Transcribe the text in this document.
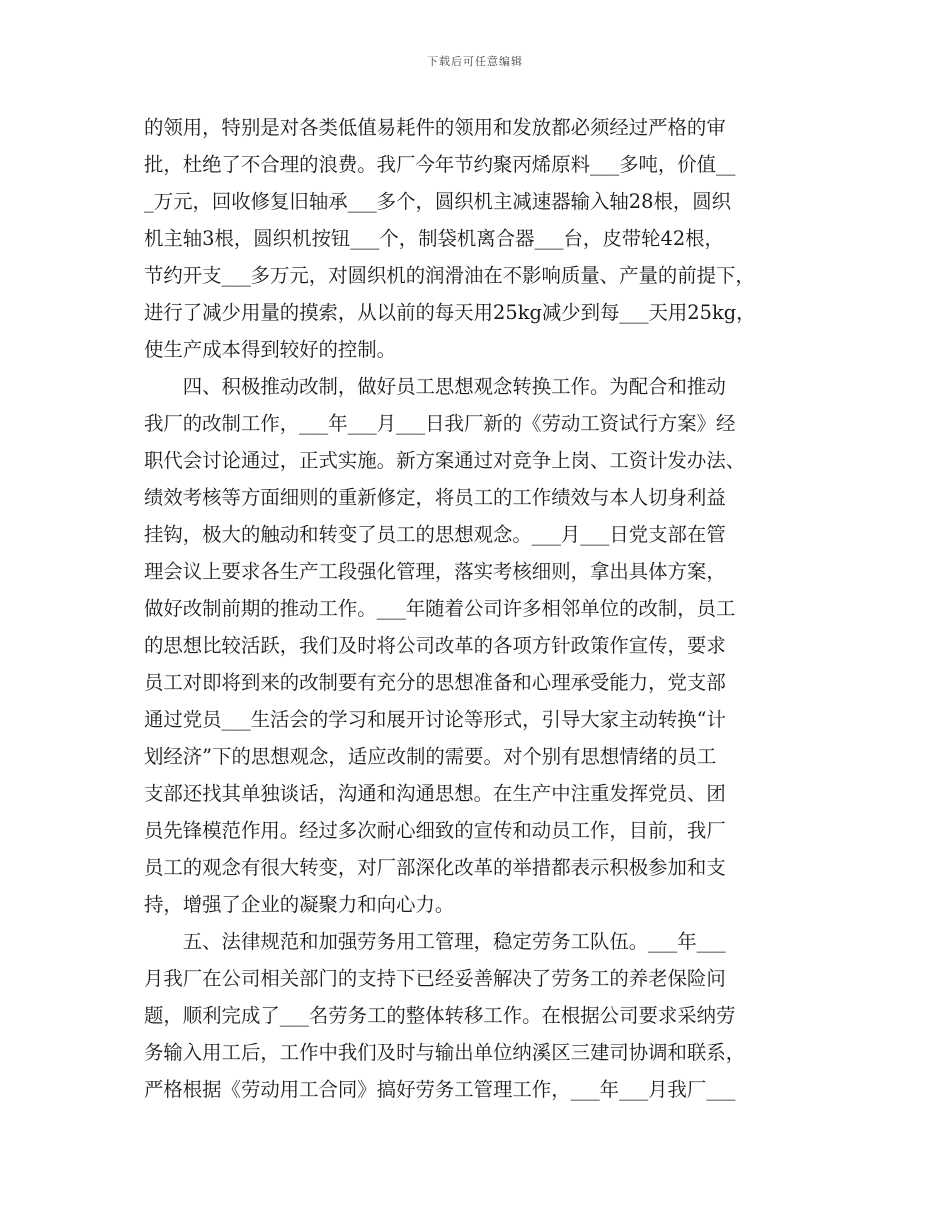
下载后可任意编辑
的领用，特别是对各类低值易耗件的领用和发放都必须经过严格的审
批，杜绝了不合理的浪费。我厂今年节约聚丙烯原料___多吨，价值__
_万元，回收修复旧轴承___多个，圆织机主减速器输入轴28根，圆织
机主轴3根，圆织机按钮___个，制袋机离合器___台，皮带轮42根，
节约开支___多万元，对圆织机的润滑油在不影响质量、产量的前提下，
进行了减少用量的摸索，从以前的每天用25kg减少到每___天用25kg，
使生产成本得到较好的控制。
　　四、积极推动改制，做好员工思想观念转换工作。为配合和推动
我厂的改制工作，___年___月___日我厂新的《劳动工资试行方案》经
职代会讨论通过，正式实施。新方案通过对竞争上岗、工资计发办法、
绩效考核等方面细则的重新修定，将员工的工作绩效与本人切身利益
挂钩，极大的触动和转变了员工的思想观念。___月___日党支部在管
理会议上要求各生产工段强化管理，落实考核细则，拿出具体方案，
做好改制前期的推动工作。___年随着公司许多相邻单位的改制，员工
的思想比较活跃，我们及时将公司改革的各项方针政策作宣传，要求
员工对即将到来的改制要有充分的思想准备和心理承受能力，党支部
通过党员___生活会的学习和展开讨论等形式，引导大家主动转换“计
划经济”下的思想观念，适应改制的需要。对个别有思想情绪的员工
支部还找其单独谈话，沟通和沟通思想。在生产中注重发挥党员、团
员先锋模范作用。经过多次耐心细致的宣传和动员工作，目前，我厂
员工的观念有很大转变，对厂部深化改革的举措都表示积极参加和支
持，增强了企业的凝聚力和向心力。
　　五、法律规范和加强劳务用工管理，稳定劳务工队伍。___年___
月我厂在公司相关部门的支持下已经妥善解决了劳务工的养老保险问
题，顺利完成了___名劳务工的整体转移工作。在根据公司要求采纳劳
务输入用工后，工作中我们及时与输出单位纳溪区三建司协调和联系，
严格根据《劳动用工合同》搞好劳务工管理工作，___年___月我厂___
